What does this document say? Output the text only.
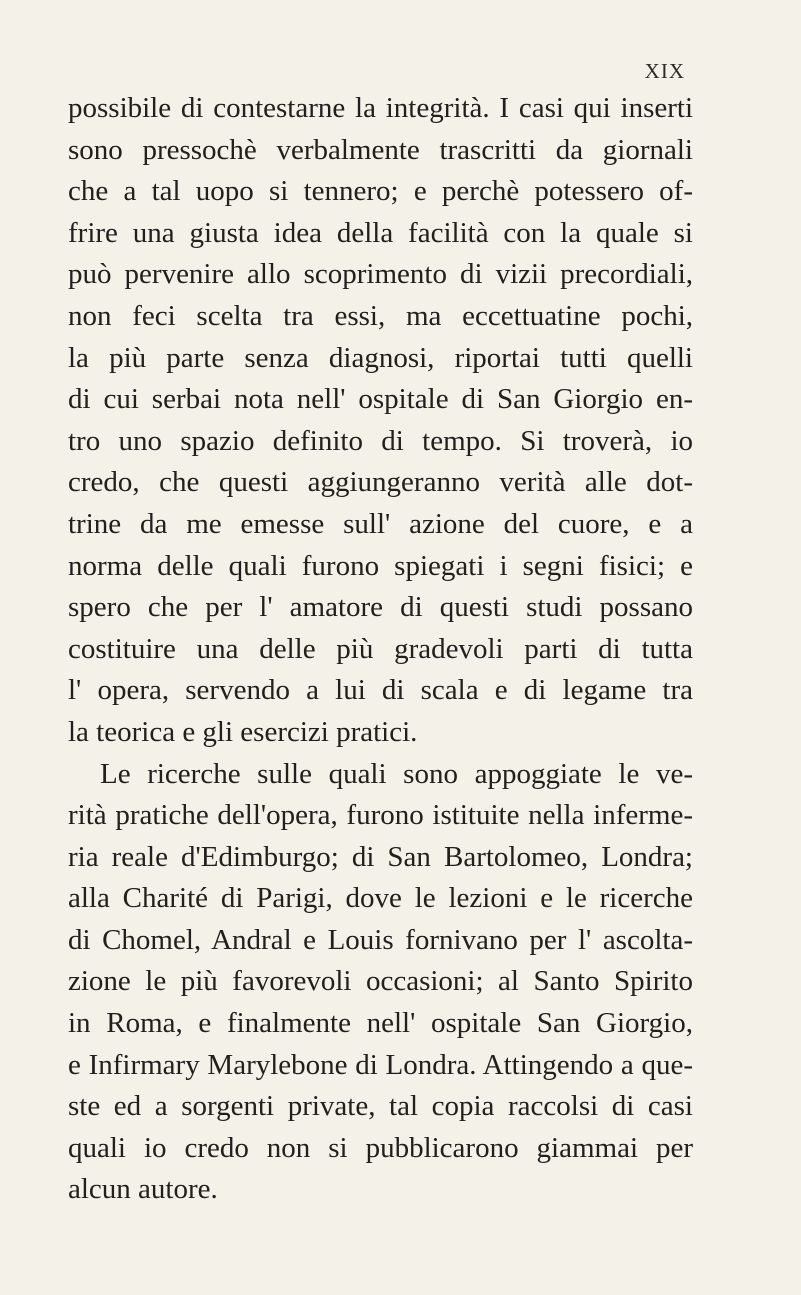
XIX
possibile di contestarne la integrità. I casi qui inserti
sono pressochè verbalmente trascritti da giornali
che a tal uopo si tennero; e perchè potessero of-
frire una giusta idea della facilità con la quale si
può pervenire allo scoprimento di vizii precordiali,
non feci scelta tra essi, ma eccettuatine pochi,
la più parte senza diagnosi, riportai tutti quelli
di cui serbai nota nell' ospitale di San Giorgio en-
tro uno spazio definito di tempo. Si troverà, io
credo, che questi aggiungeranno verità alle dot-
trine da me emesse sull' azione del cuore, e a
norma delle quali furono spiegati i segni fisici; e
spero che per l' amatore di questi studi possano
costituire una delle più gradevoli parti di tutta
l' opera, servendo a lui di scala e di legame tra
la teorica e gli esercizi pratici.
Le ricerche sulle quali sono appoggiate le ve-
rità pratiche dell'opera, furono istituite nella inferme-
ria reale d'Edimburgo; di San Bartolomeo, Londra;
alla Charité di Parigi, dove le lezioni e le ricerche
di Chomel, Andral e Louis fornivano per l' ascolta-
zione le più favorevoli occasioni; al Santo Spirito
in Roma, e finalmente nell' ospitale San Giorgio,
e Infirmary Marylebone di Londra. Attingendo a que-
ste ed a sorgenti private, tal copia raccolsi di casi
quali io credo non si pubblicarono giammai per
alcun autore.
